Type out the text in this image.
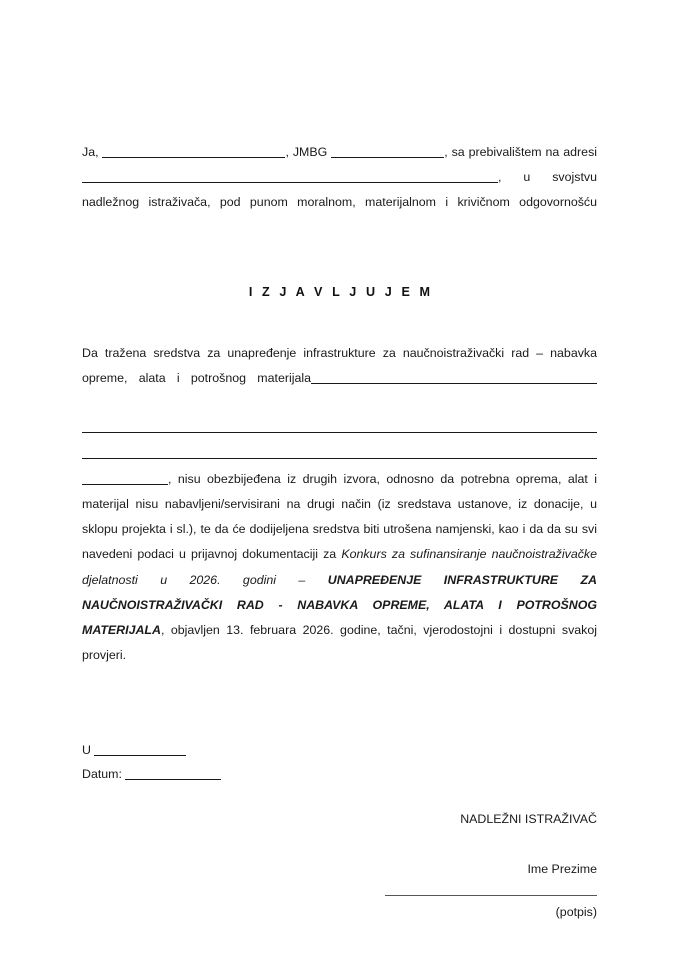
Ja,	, JMBG	, sa prebivalištem na adresi , u svojstvu nadležnog istraživača, pod punom moralnom, materijalnom i krivičnom odgovornošću
I Z J A V L J U J E M
Da tražena sredstva za unapređenje infrastrukture za naučnoistraživački rad – nabavka opreme, alata i potrošnog materijala
, nisu obezbijeđena iz drugih izvora, odnosno da potrebna oprema, alat i materijal nisu nabavljeni/servisirani na drugi način (iz sredstava ustanove, iz donacije, u sklopu projekta i sl.), te da će dodijeljena sredstva biti utrošena namjenski, kao i da da su svi navedeni podaci u prijavnoj dokumentaciji za Konkurs za sufinansiranje naučnoistraživačke djelatnosti u 2026. godini – UNAPREĐENJE INFRASTRUKTURE ZA NAUČNOISTRAŽIVAČKI RAD - NABAVKA OPREME, ALATA I POTROŠNOG MATERIJALA, objavljen 13. februara 2026. godine, tačni, vjerodostojni i dostupni svakoj provjeri.
U
Datum:
NADLEŽNI ISTRAŽIVAČ
Ime Prezime
(potpis)
